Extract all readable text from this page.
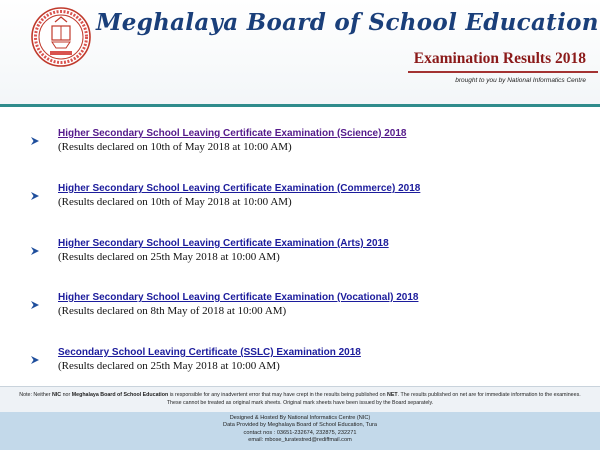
Meghalaya Board of School Education
Examination Results 2018
brought to you by National Informatics Centre
Higher Secondary School Leaving Certificate Examination (Science) 2018
(Results declared on 10th of May 2018 at 10:00 AM)
Higher Secondary School Leaving Certificate Examination (Commerce) 2018
(Results declared on 10th of May 2018 at 10:00 AM)
Higher Secondary School Leaving Certificate Examination (Arts) 2018
(Results declared on 25th May 2018 at 10:00 AM)
Higher Secondary School Leaving Certificate Examination (Vocational) 2018
(Results declared on 8th May of 2018 at 10:00 AM)
Secondary School Leaving Certificate (SSLC) Examination 2018
(Results declared on 25th May 2018 at 10:00 AM)
Note: Neither NIC nor Meghalaya Board of School Education is responsible for any inadvertent error that may have crept in the results being published on NET. The results published on net are for immediate information to the examinees.
These cannot be treated as original mark sheets. Original mark sheets have been issued by the Board separately.
Designed & Hosted By National Informatics Centre (NIC)
Data Provided by Meghalaya Board of School Education, Tura
contact nos : 03651-232674, 232875, 232271
email: mbose_turatestred@rediffmail.com
